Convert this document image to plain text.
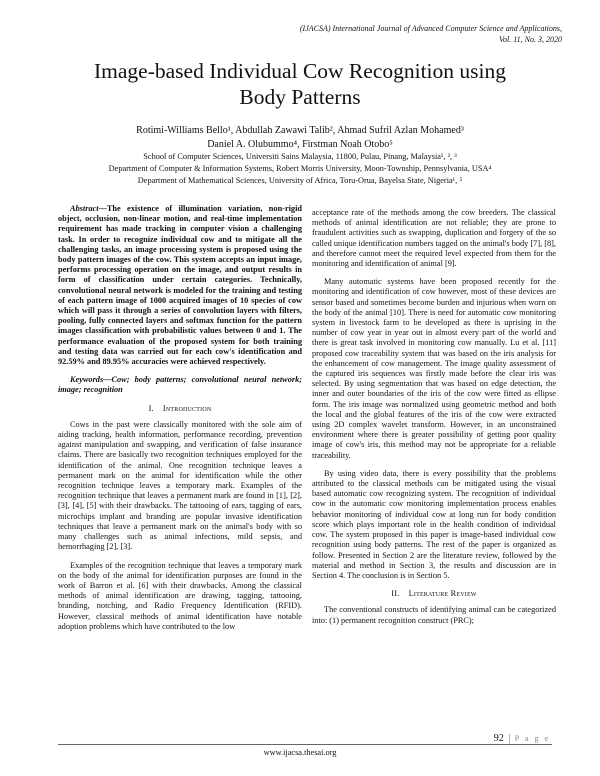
(IJACSA) International Journal of Advanced Computer Science and Applications,
Vol. 11, No. 3, 2020
Image-based Individual Cow Recognition using
Body Patterns
Rotimi-Williams Bello¹, Abdullah Zawawi Talib², Ahmad Sufril Azlan Mohamed³
Daniel A. Olubummo⁴, Firstman Noah Otobo⁵
School of Computer Sciences, Universiti Sains Malaysia, 11800, Pulau, Pinang, Malaysia¹, ², ³
Department of Computer & Information Systems, Robert Morris University, Moon-Township, Pennsylvania, USA⁴
Department of Mathematical Sciences, University of Africa, Toru-Orua, Bayelsa State, Nigeria¹, ⁵

Abstract—The existence of illumination variation, non-rigid object, occlusion, non-linear motion, and real-time implementation requirement has made tracking in computer vision a challenging task. In order to recognize individual cow and to mitigate all the challenging tasks, an image processing system is proposed using the body pattern images of the cow. This system accepts an input image, performs processing operation on the image, and output results in form of classification under certain categories. Technically, convolutional neural network is modeled for the training and testing of each pattern image of 1000 acquired images of 10 species of cow which will pass it through a series of convolution layers with filters, pooling, fully connected layers and softmax function for the pattern images classification with probabilistic values between 0 and 1. The performance evaluation of the proposed system for both training and testing data was carried out for each cow's identification and 92.59% and 89.95% accuracies were achieved respectively.

Keywords—Cow; body patterns; convolutional neural network; image; recognition

I. Introduction

Cows in the past were classically monitored with the sole aim of aiding tracking, health information, performance recording, prevention against manipulation and swapping, and verification of false insurance claims. There are basically two recognition techniques employed for the identification of the animal. One recognition technique leaves a permanent mark on the animal for identification while the other recognition technique leaves a temporary mark. Examples of the recognition technique that leaves a permanent mark are found in [1], [2], [3], [4], [5] with their drawbacks. The tattooing of ears, tagging of ears, microchips implant and branding are popular invasive identification techniques that leave a permanent mark on the animal's body with so many challenges such as animal infections, mild sepsis, and hemorrhaging [2], [3].

Examples of the recognition technique that leaves a temporary mark on the body of the animal for identification purposes are found in the work of Barron et al. [6] with their drawbacks. Among the classical methods of animal identification are drawing, tagging, tattooing, branding, notching, and Radio Frequency Identification (RFID). However, classical methods of animal identification have notable adoption problems which have contributed to the low

acceptance rate of the methods among the cow breeders. The classical methods of animal identification are not reliable; they are prone to fraudulent activities such as swapping, duplication and forgery of the so called unique identification numbers tagged on the animal's body [7], [8], and therefore cannot meet the required level expected from them for the monitoring and identification of animal [9].

Many automatic systems have been proposed recently for the monitoring and identification of cow however, most of these devices are sensor based and sometimes become burden and injurious when worn on the body of the animal [10]. There is need for automatic cow monitoring system in livestock farm to be developed as there is uprising in the number of cow year in year out in almost every part of the world and there is great task involved in monitoring cow manually. Lu et al. [11] proposed cow traceability system that was based on the iris analysis for the enhancement of cow management. The image quality assessment of the captured iris sequences was firstly made before the clear iris was selected. By using segmentation that was based on edge detection, the inner and outer boundaries of the iris of the cow were fitted as ellipse form. The iris image was normalized using geometric method and both the local and the global features of the iris of the cow were extracted using 2D complex wavelet transform. However, in an unconstrained environment where there is greater possibility of getting poor quality image of cow's iris, this method may not be appropriate for a reliable traceability.

By using video data, there is every possibility that the problems attributed to the classical methods can be mitigated using the visual based automatic cow recognizing system. The recognition of individual cow in the automatic cow monitoring implementation process enables behavior monitoring of individual cow at long run for body condition score which plays important role in the health condition of individual cow. The system proposed in this paper is image-based individual cow recognition using body patterns. The rest of the paper is organized as follow. Presented in Section 2 are the literature review, followed by the material and method in Section 3, the results and discussion are in Section 4. The conclusion is in Section 5.

II. Literature Review

The conventional constructs of identifying animal can be categorized into: (1) permanent recognition construct (PRC);

92 | P a g e
www.ijacsa.thesai.org
